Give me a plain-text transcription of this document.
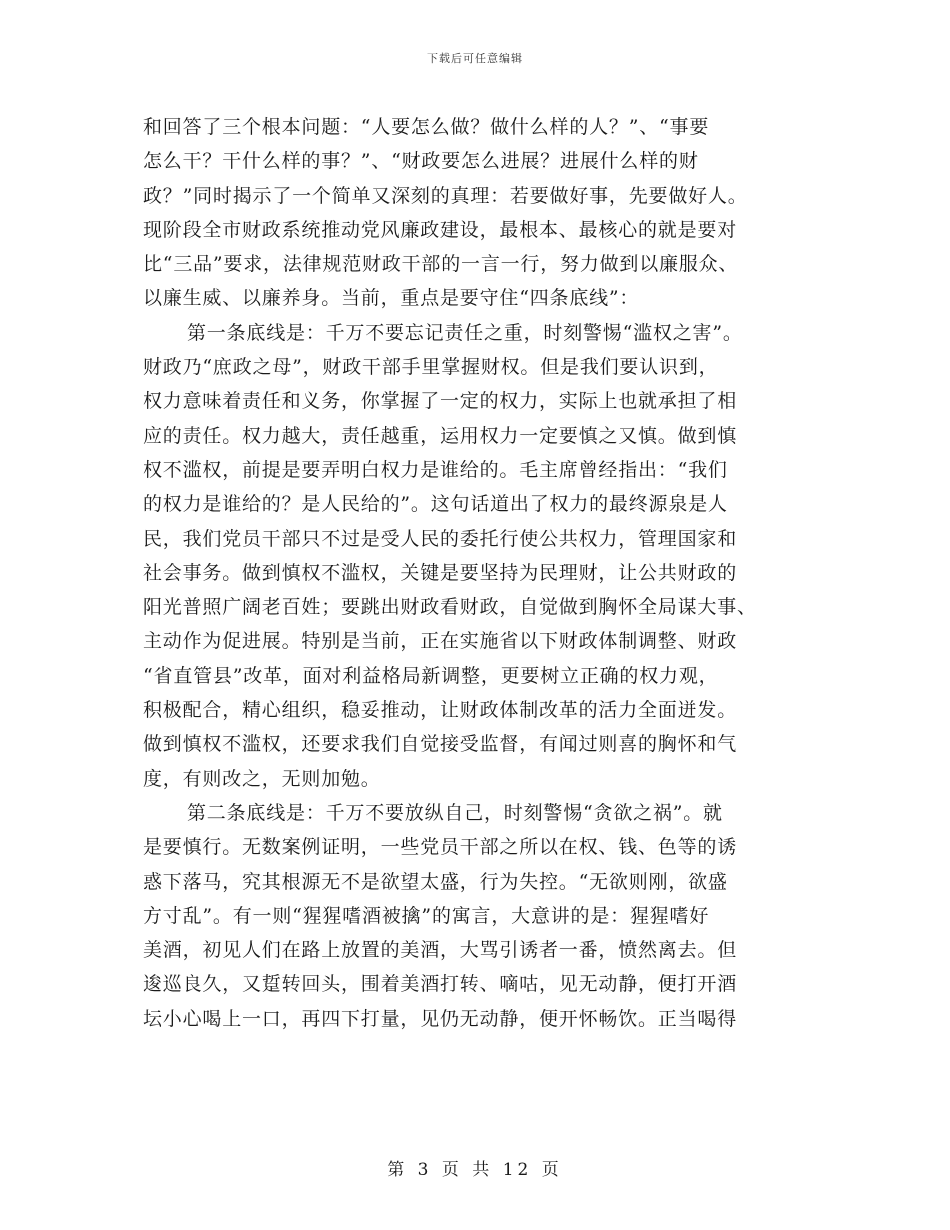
下载后可任意编辑
和回答了三个根本问题：“人要怎么做？做什么样的人？”、“事要
怎么干？干什么样的事？”、“财政要怎么进展？进展什么样的财
政？”同时揭示了一个简单又深刻的真理：若要做好事，先要做好人。
现阶段全市财政系统推动党风廉政建设，最根本、最核心的就是要对
比“三品”要求，法律规范财政干部的一言一行，努力做到以廉服众、
以廉生威、以廉养身。当前，重点是要守住“四条底线”：
第一条底线是：千万不要忘记责任之重，时刻警惕“滥权之害”。
财政乃“庶政之母”，财政干部手里掌握财权。但是我们要认识到，
权力意味着责任和义务，你掌握了一定的权力，实际上也就承担了相
应的责任。权力越大，责任越重，运用权力一定要慎之又慎。做到慎
权不滥权，前提是要弄明白权力是谁给的。毛主席曾经指出：“我们
的权力是谁给的？是人民给的”。这句话道出了权力的最终源泉是人
民，我们党员干部只不过是受人民的委托行使公共权力，管理国家和
社会事务。做到慎权不滥权，关键是要坚持为民理财，让公共财政的
阳光普照广阔老百姓；要跳出财政看财政，自觉做到胸怀全局谋大事、
主动作为促进展。特别是当前，正在实施省以下财政体制调整、财政
“省直管县”改革，面对利益格局新调整，更要树立正确的权力观，
积极配合，精心组织，稳妥推动，让财政体制改革的活力全面迸发。
做到慎权不滥权，还要求我们自觉接受监督，有闻过则喜的胸怀和气
度，有则改之，无则加勉。
第二条底线是：千万不要放纵自己，时刻警惕“贪欲之祸”。就
是要慎行。无数案例证明，一些党员干部之所以在权、钱、色等的诱
惑下落马，究其根源无不是欲望太盛，行为失控。“无欲则刚，欲盛
方寸乱”。有一则“猩猩嗜酒被擒”的寓言，大意讲的是：猩猩嗜好
美酒，初见人们在路上放置的美酒，大骂引诱者一番，愤然离去。但
逡巡良久，又踅转回头，围着美酒打转、嘀咕，见无动静，便打开酒
坛小心喝上一口，再四下打量，见仍无动静，便开怀畅饮。正当喝得
第 3 页 共 12 页
